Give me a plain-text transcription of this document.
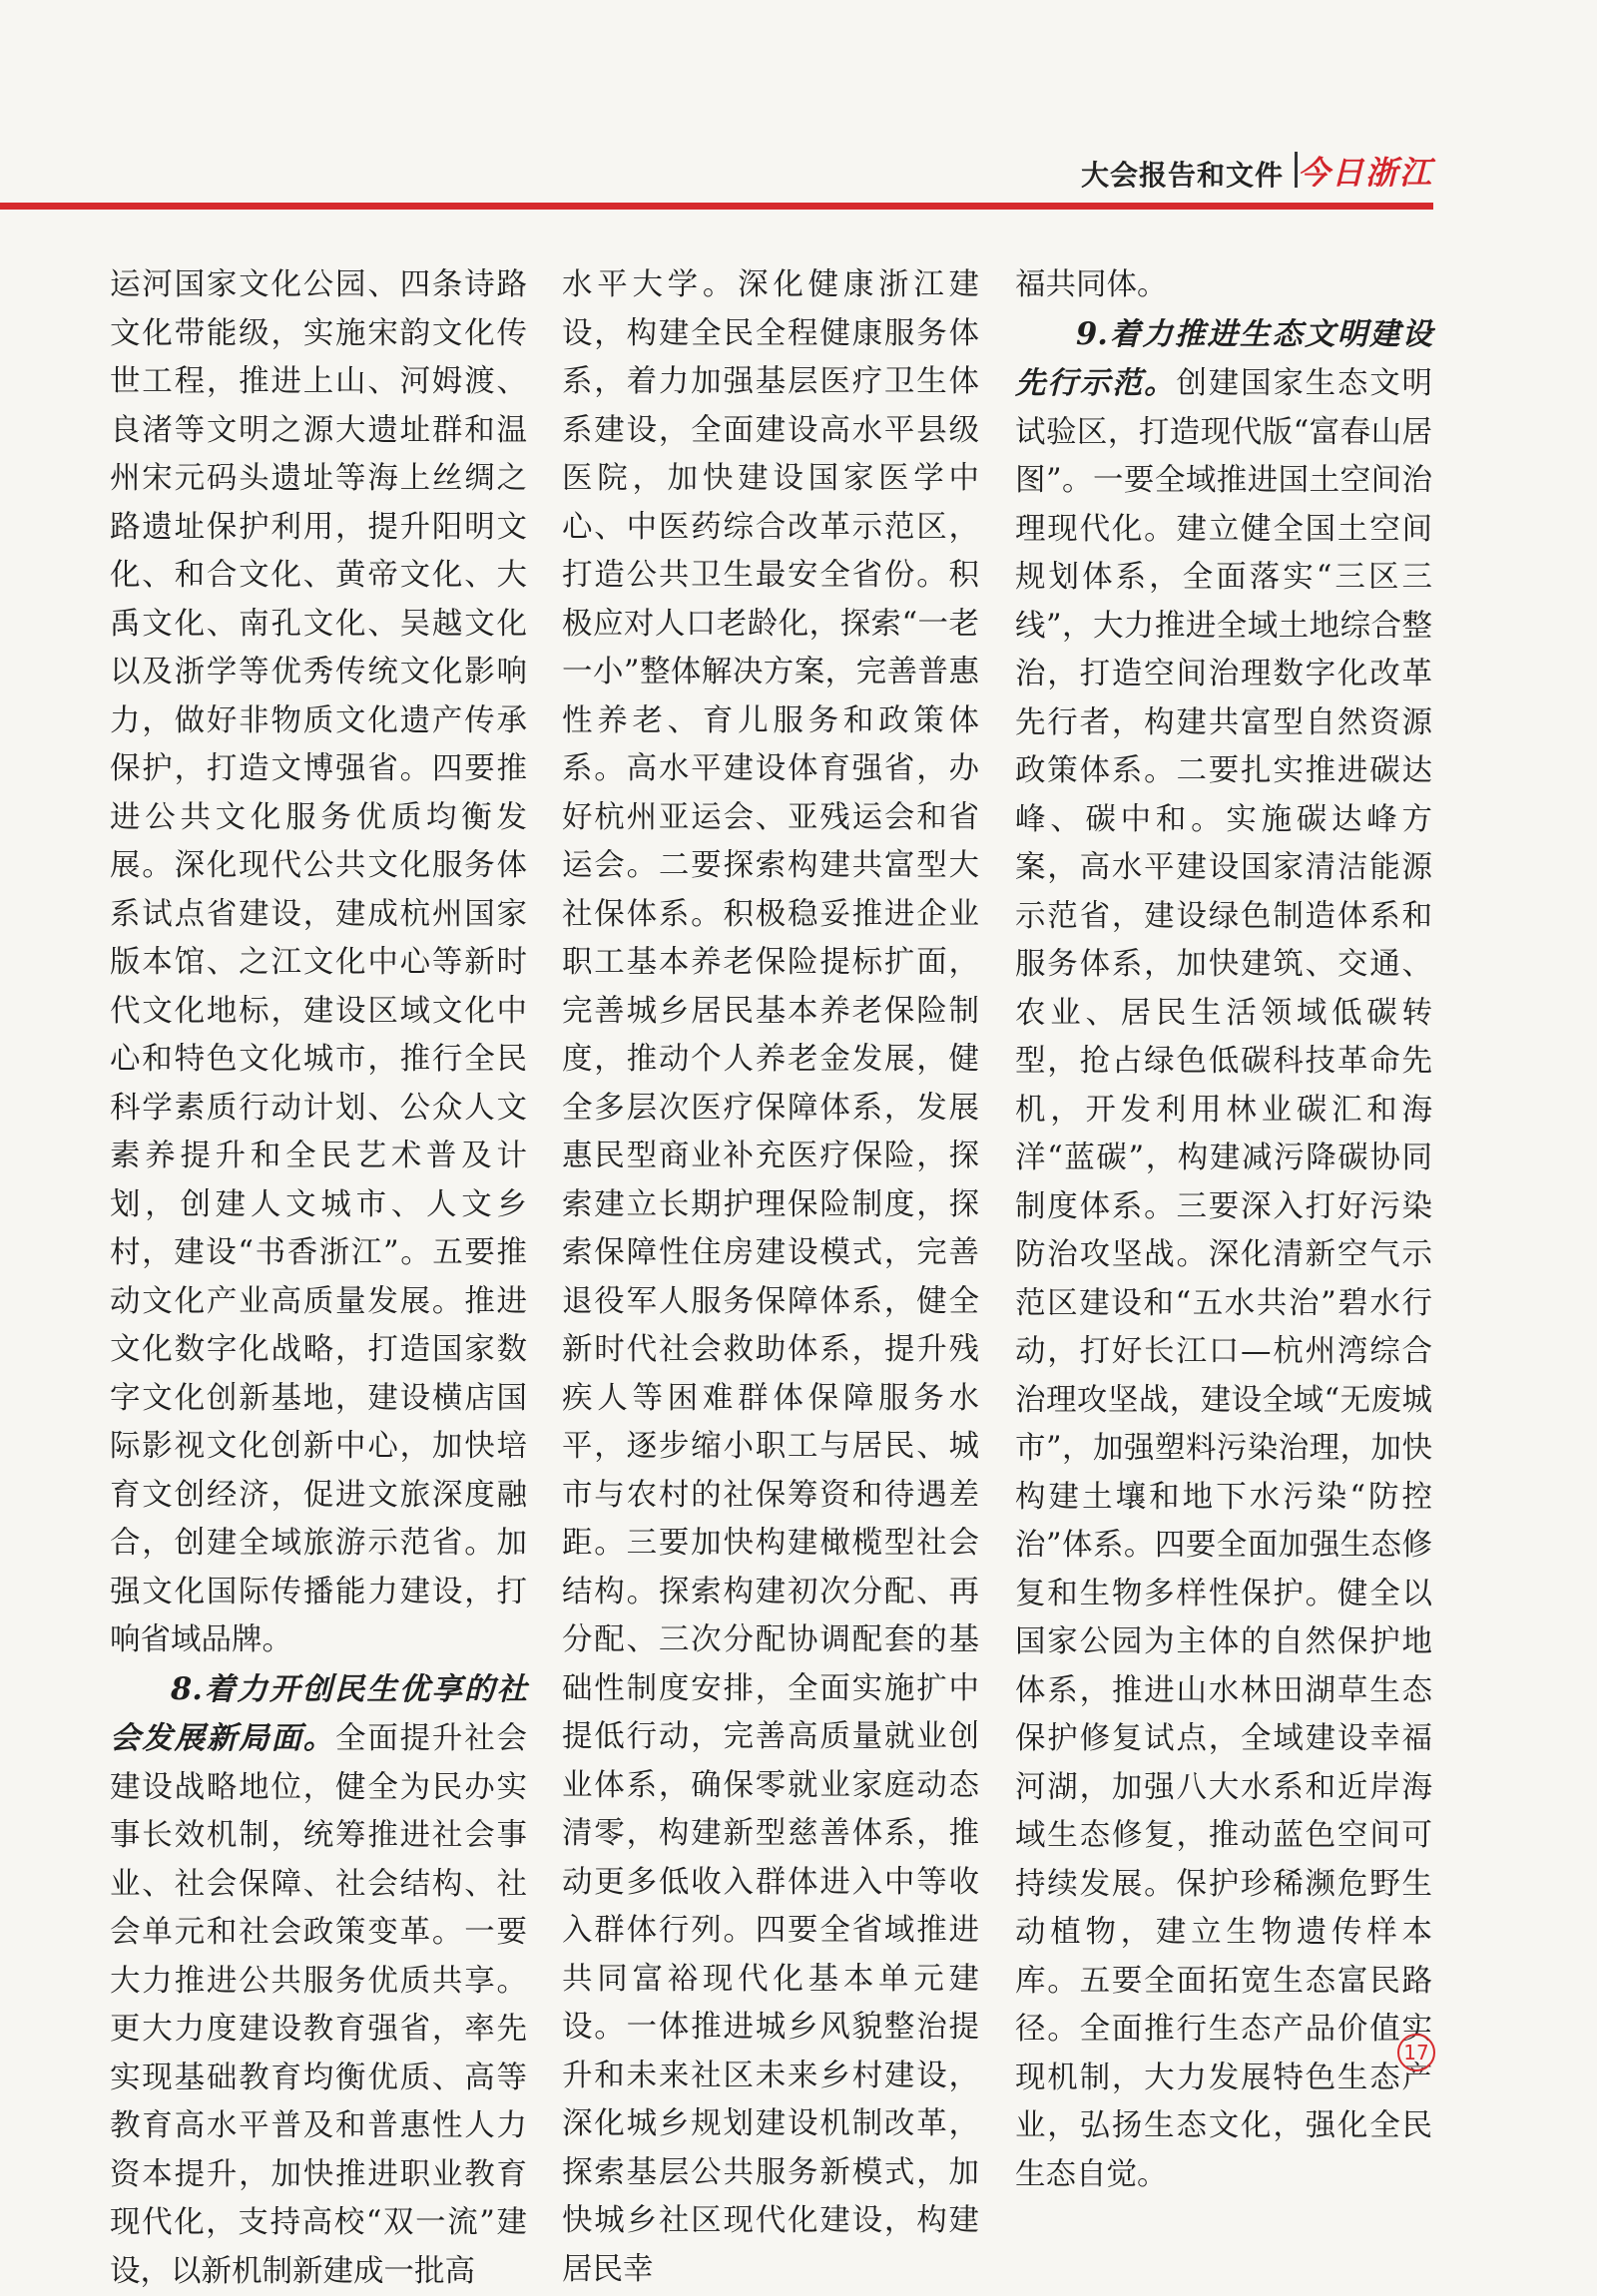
大会报告和文件 今日浙江

运河国家文化公园、四条诗路文化带能级，实施宋韵文化传世工程，推进上山、河姆渡、良渚等文明之源大遗址群和温州宋元码头遗址等海上丝绸之路遗址保护利用，提升阳明文化、和合文化、黄帝文化、大禹文化、南孔文化、吴越文化以及浙学等优秀传统文化影响力，做好非物质文化遗产传承保护，打造文博强省。四要推进公共文化服务优质均衡发展。深化现代公共文化服务体系试点省建设，建成杭州国家版本馆、之江文化中心等新时代文化地标，建设区域文化中心和特色文化城市，推行全民科学素质行动计划、公众人文素养提升和全民艺术普及计划，创建人文城市、人文乡村，建设“书香浙江”。五要推动文化产业高质量发展。推进文化数字化战略，打造国家数字文化创新基地，建设横店国际影视文化创新中心，加快培育文创经济，促进文旅深度融合，创建全域旅游示范省。加强文化国际传播能力建设，打响省域品牌。

8.着力开创民生优享的社会发展新局面。全面提升社会建设战略地位，健全为民办实事长效机制，统筹推进社会事业、社会保障、社会结构、社会单元和社会政策变革。一要大力推进公共服务优质共享。更大力度建设教育强省，率先实现基础教育均衡优质、高等教育高水平普及和普惠性人力资本提升，加快推进职业教育现代化，支持高校“双一流”建设，以新机制新建成一批高

水平大学。深化健康浙江建设，构建全民全程健康服务体系，着力加强基层医疗卫生体系建设，全面建设高水平县级医院，加快建设国家医学中心、中医药综合改革示范区，打造公共卫生最安全省份。积极应对人口老龄化，探索“一老一小”整体解决方案，完善普惠性养老、育儿服务和政策体系。高水平建设体育强省，办好杭州亚运会、亚残运会和省运会。二要探索构建共富型大社保体系。积极稳妥推进企业职工基本养老保险提标扩面，完善城乡居民基本养老保险制度，推动个人养老金发展，健全多层次医疗保障体系，发展惠民型商业补充医疗保险，探索建立长期护理保险制度，探索保障性住房建设模式，完善退役军人服务保障体系，健全新时代社会救助体系，提升残疾人等困难群体保障服务水平，逐步缩小职工与居民、城市与农村的社保筹资和待遇差距。三要加快构建橄榄型社会结构。探索构建初次分配、再分配、三次分配协调配套的基础性制度安排，全面实施扩中提低行动，完善高质量就业创业体系，确保零就业家庭动态清零，构建新型慈善体系，推动更多低收入群体进入中等收入群体行列。四要全省域推进共同富裕现代化基本单元建设。一体推进城乡风貌整治提升和未来社区未来乡村建设，深化城乡规划建设机制改革，探索基层公共服务新模式，加快城乡社区现代化建设，构建居民幸

福共同体。

9.着力推进生态文明建设先行示范。创建国家生态文明试验区，打造现代版“富春山居图”。一要全域推进国土空间治理现代化。建立健全国土空间规划体系，全面落实“三区三线”，大力推进全域土地综合整治，打造空间治理数字化改革先行者，构建共富型自然资源政策体系。二要扎实推进碳达峰、碳中和。实施碳达峰方案，高水平建设国家清洁能源示范省，建设绿色制造体系和服务体系，加快建筑、交通、农业、居民生活领域低碳转型，抢占绿色低碳科技革命先机，开发利用林业碳汇和海洋“蓝碳”，构建减污降碳协同制度体系。三要深入打好污染防治攻坚战。深化清新空气示范区建设和“五水共治”碧水行动，打好长江口—杭州湾综合治理攻坚战，建设全域“无废城市”，加强塑料污染治理，加快构建土壤和地下水污染“防控治”体系。四要全面加强生态修复和生物多样性保护。健全以国家公园为主体的自然保护地体系，推进山水林田湖草生态保护修复试点，全域建设幸福河湖，加强八大水系和近岸海域生态修复，推动蓝色空间可持续发展。保护珍稀濒危野生动植物，建立生物遗传样本库。五要全面拓宽生态富民路径。全面推行生态产品价值实现机制，大力发展特色生态产业，弘扬生态文化，强化全民生态自觉。

17
